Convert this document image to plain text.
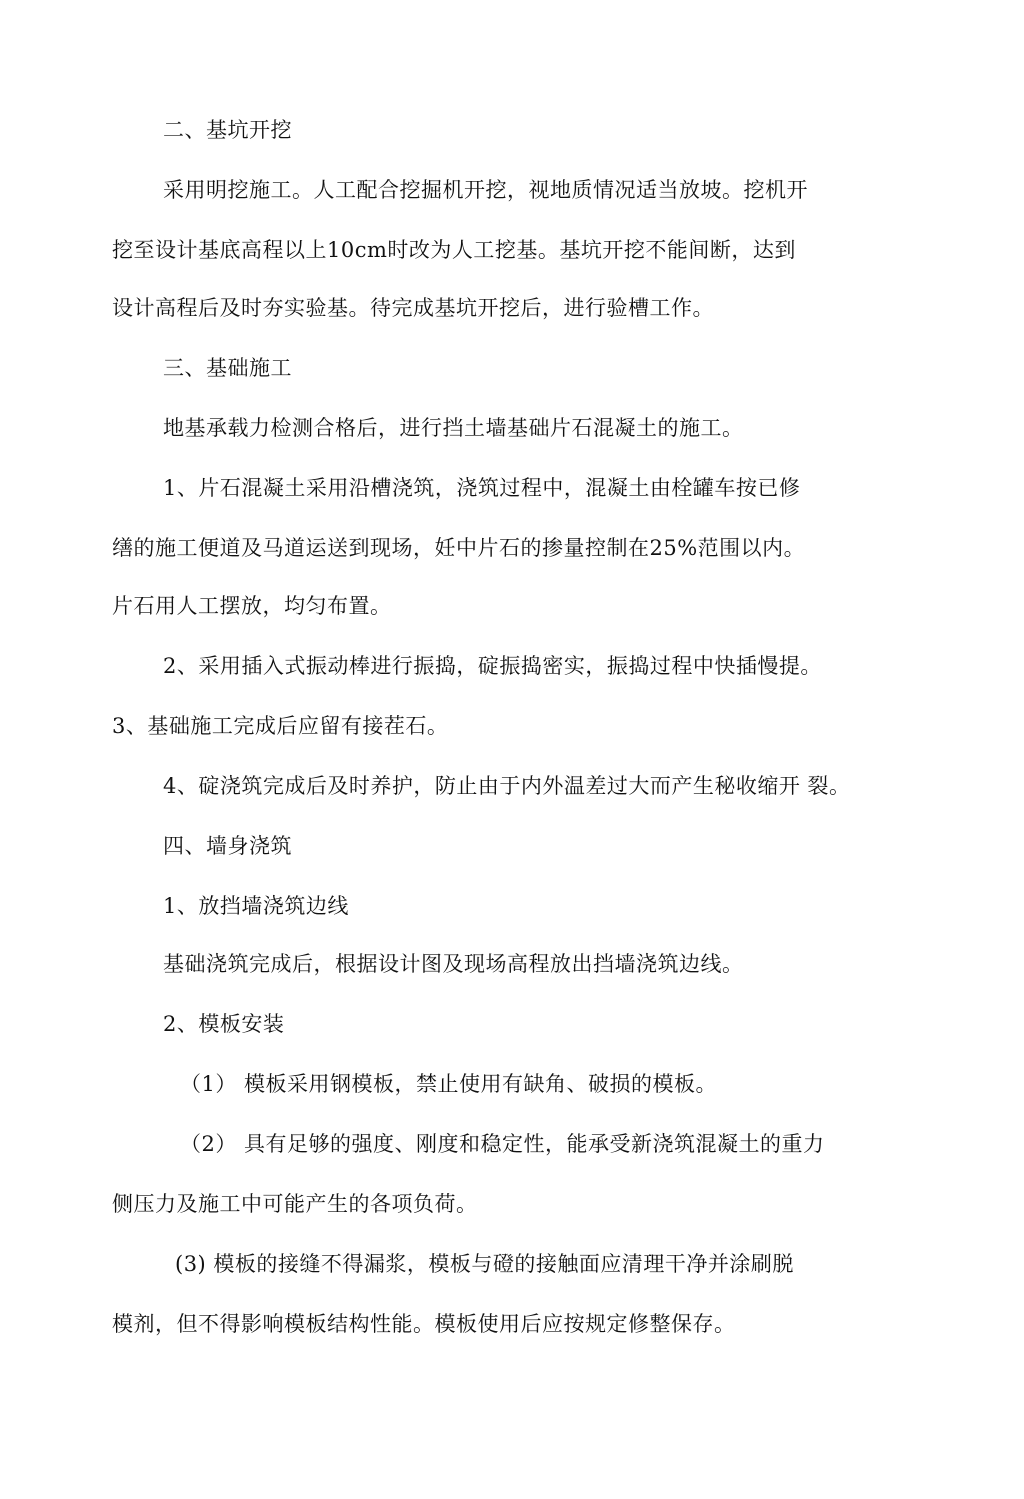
二、基坑开挖
采用明挖施工。人工配合挖掘机开挖，视地质情况适当放坡。挖机开
挖至设计基底高程以上10cm时改为人工挖基。基坑开挖不能间断，达到
设计高程后及时夯实验基。待完成基坑开挖后，进行验槽工作。
三、基础施工
地基承载力检测合格后，进行挡土墙基础片石混凝土的施工。
1、片石混凝土采用沿槽浇筑，浇筑过程中，混凝土由栓罐车按已修
缮的施工便道及马道运送到现场，妊中片石的掺量控制在25%范围以内。
片石用人工摆放，均匀布置。
2、采用插入式振动棒进行振捣，碇振捣密实，振捣过程中快插慢提。
3、基础施工完成后应留有接茬石。
4、碇浇筑完成后及时养护，防止由于内外温差过大而产生秘收缩开 裂。
四、墙身浇筑
1、放挡墙浇筑边线
基础浇筑完成后，根据设计图及现场高程放出挡墙浇筑边线。
2、模板安装
（1） 模板采用钢模板，禁止使用有缺角、破损的模板。
（2） 具有足够的强度、刚度和稳定性，能承受新浇筑混凝土的重力
侧压力及施工中可能产生的各项负荷。
(3) 模板的接缝不得漏浆，模板与磴的接触面应清理干净并涂刷脱
模剂，但不得影响模板结构性能。模板使用后应按规定修整保存。
